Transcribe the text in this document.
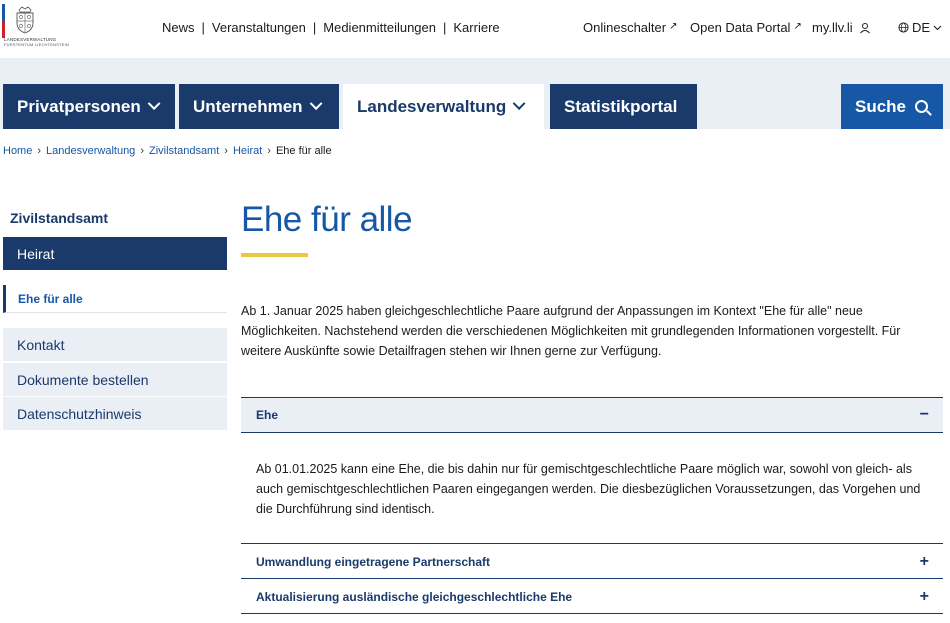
LANDESVERWALTUNG
FÜRSTENTUM LIECHTENSTEIN
News | Veranstaltungen | Medienmitteilungen | Karriere	Onlineschalter ↗ Open Data Portal ↗ my.llv.li	DE
Privatpersonen	Unternehmen	Landesverwaltung	Statistikportal	Suche
Home › Landesverwaltung › Zivilstandsamt › Heirat › Ehe für alle
Zivilstandsamt
Heirat
Ehe für alle
Kontakt
Dokumente bestellen
Datenschutzhinweis
Ehe für alle

Ab 1. Januar 2025 haben gleichgeschlechtliche Paare aufgrund der Anpassungen im Kontext "Ehe für alle" neue Möglichkeiten. Nachstehend werden die verschiedenen Möglichkeiten mit grundlegenden Informationen vorgestellt. Für weitere Auskünfte sowie Detailfragen stehen wir Ihnen gerne zur Verfügung.

Ehe	−

Ab 01.01.2025 kann eine Ehe, die bis dahin nur für gemischtgeschlechtliche Paare möglich war, sowohl von gleich- als auch gemischtgeschlechtlichen Paaren eingegangen werden. Die diesbezüglichen Voraussetzungen, das Vorgehen und die Durchführung sind identisch.

Umwandlung eingetragene Partnerschaft	+
Aktualisierung ausländische gleichgeschlechtliche Ehe	+
